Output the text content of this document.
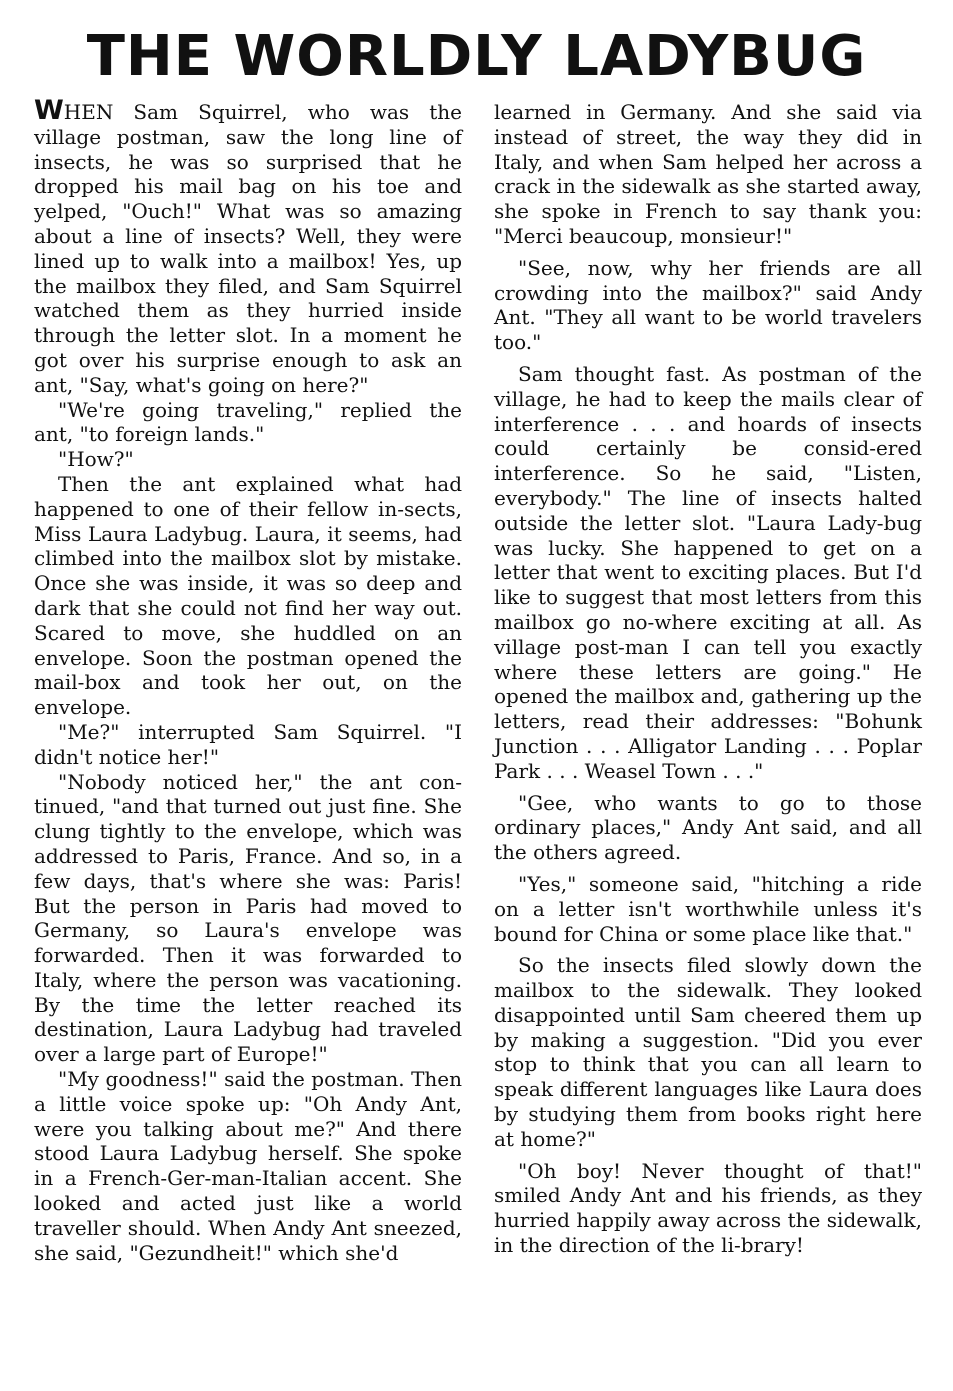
THE WORLDLY LADYBUG

WHEN Sam Squirrel, who was the village postman, saw the long line of insects, he was so surprised that he dropped his mail bag on his toe and yelped, "Ouch!" What was so amazing about a line of insects? Well, they were lined up to walk into a mailbox! Yes, up the mailbox they filed, and Sam Squirrel watched them as they hurried inside through the letter slot. In a moment he got over his surprise enough to ask an ant, "Say, what's going on here?"

"We're going traveling," replied the ant, "to foreign lands."

"How?"

Then the ant explained what had happened to one of their fellow in-sects, Miss Laura Ladybug. Laura, it seems, had climbed into the mailbox slot by mistake. Once she was inside, it was so deep and dark that she could not find her way out. Scared to move, she huddled on an envelope. Soon the postman opened the mail-box and took her out, on the envelope.

"Me?" interrupted Sam Squirrel. "I didn't notice her!"

"Nobody noticed her," the ant con-tinued, "and that turned out just fine. She clung tightly to the envelope, which was addressed to Paris, France. And so, in a few days, that's where she was: Paris! But the person in Paris had moved to Germany, so Laura's envelope was forwarded. Then it was forwarded to Italy, where the person was vacationing. By the time the letter reached its destination, Laura Ladybug had traveled over a large part of Europe!"

"My goodness!" said the postman. Then a little voice spoke up: "Oh Andy Ant, were you talking about me?" And there stood Laura Ladybug herself. She spoke in a French-Ger-man-Italian accent. She looked and acted just like a world traveller should. When Andy Ant sneezed, she said, "Gezundheit!" which she'd

learned in Germany. And she said via instead of street, the way they did in Italy, and when Sam helped her across a crack in the sidewalk as she started away, she spoke in French to say thank you: "Merci beaucoup, monsieur!"

"See, now, why her friends are all crowding into the mailbox?" said Andy Ant. "They all want to be world travelers too."

Sam thought fast. As postman of the village, he had to keep the mails clear of interference . . . and hoards of insects could certainly be consid-ered interference. So he said, "Listen, everybody." The line of insects halted outside the letter slot. "Laura Lady-bug was lucky. She happened to get on a letter that went to exciting places. But I'd like to suggest that most letters from this mailbox go no-where exciting at all. As village post-man I can tell you exactly where these letters are going." He opened the mailbox and, gathering up the letters, read their addresses: "Bohunk Junction . . . Alligator Landing . . . Poplar Park . . . Weasel Town . . ."

"Gee, who wants to go to those ordinary places," Andy Ant said, and all the others agreed.

"Yes," someone said, "hitching a ride on a letter isn't worthwhile unless it's bound for China or some place like that."

So the insects filed slowly down the mailbox to the sidewalk. They looked disappointed until Sam cheered them up by making a suggestion. "Did you ever stop to think that you can all learn to speak different languages like Laura does by studying them from books right here at home?"

"Oh boy! Never thought of that!" smiled Andy Ant and his friends, as they hurried happily away across the sidewalk, in the direction of the li-brary!
